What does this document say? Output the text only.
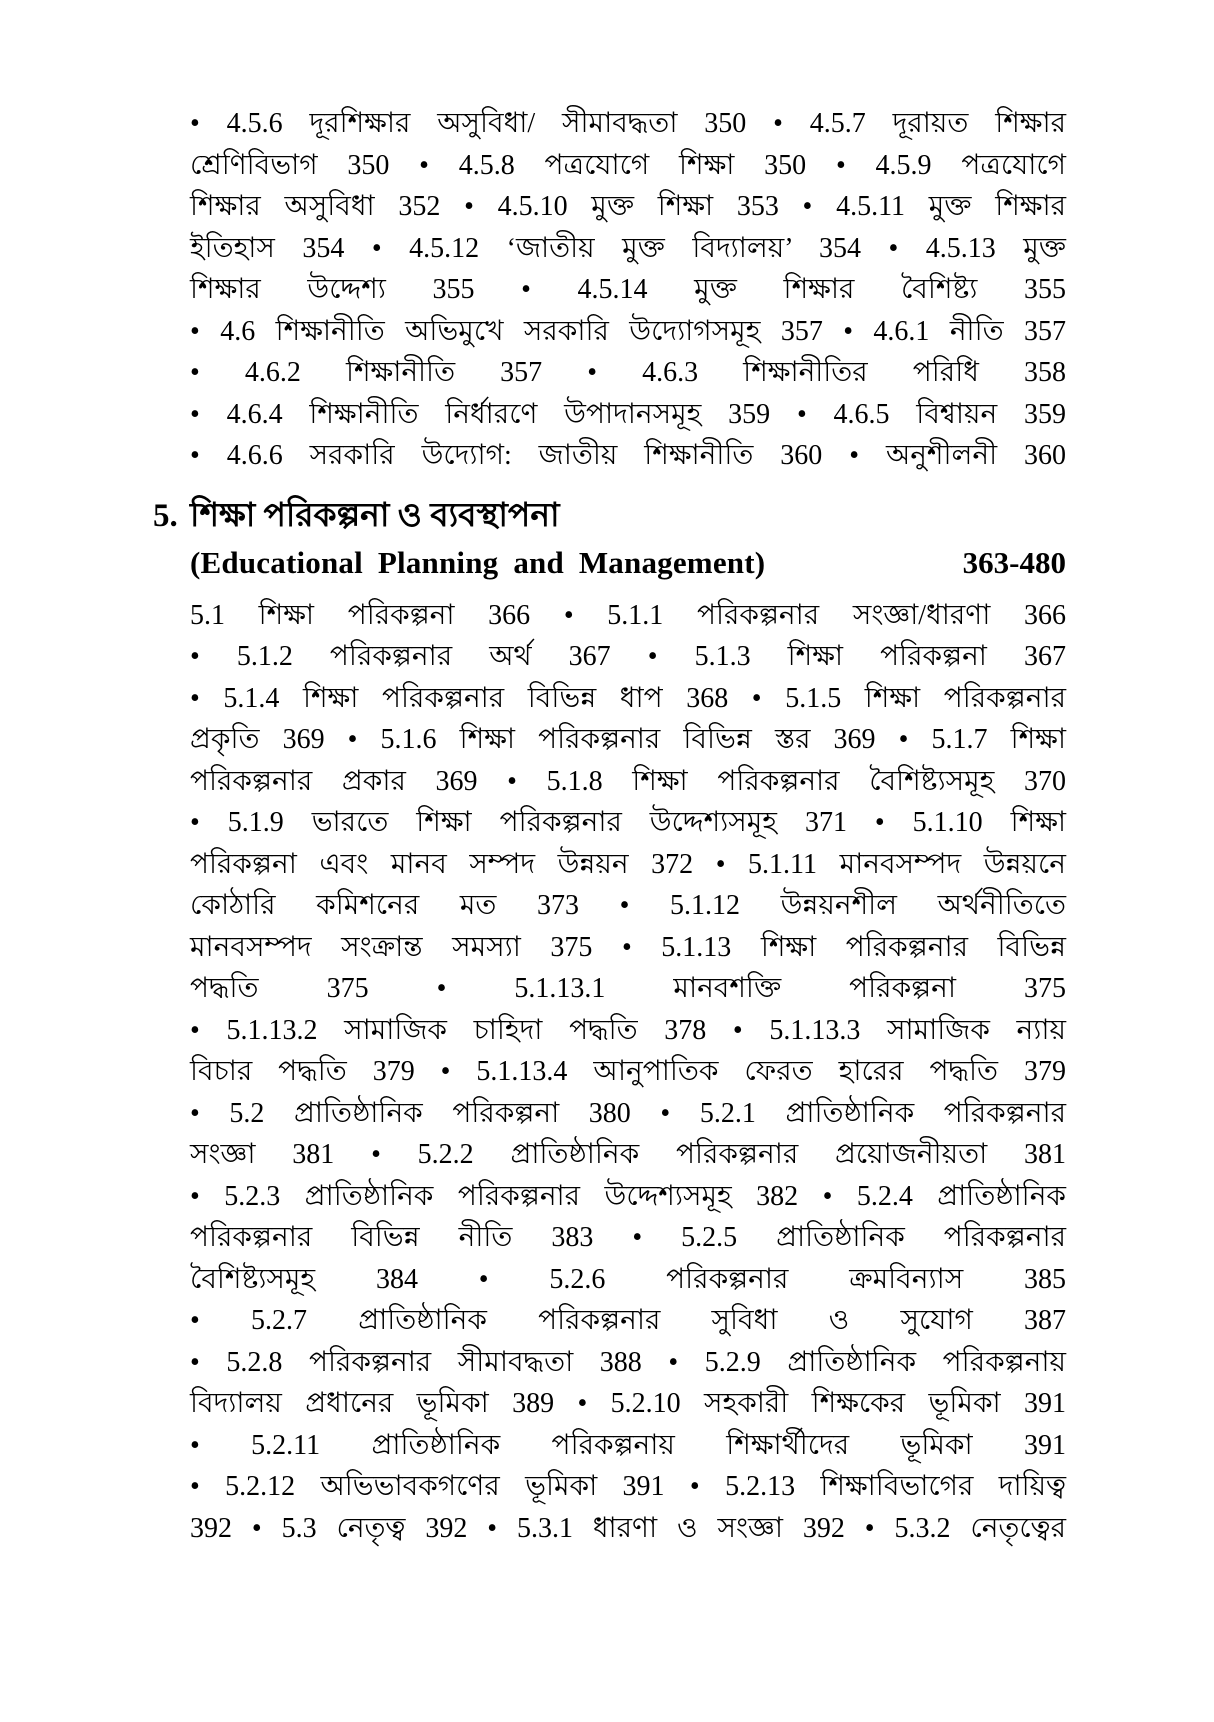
• 4.5.6 দূরশিক্ষার অসুবিধা/ সীমাবদ্ধতা 350 • 4.5.7 দূরায়ত শিক্ষার
শ্রেণিবিভাগ 350 • 4.5.8 পত্রযোগে শিক্ষা 350 • 4.5.9 পত্রযোগে
শিক্ষার অসুবিধা 352 • 4.5.10 মুক্ত শিক্ষা 353 • 4.5.11 মুক্ত শিক্ষার
ইতিহাস 354 • 4.5.12 ‘জাতীয় মুক্ত বিদ্যালয়’ 354 • 4.5.13 মুক্ত
শিক্ষার উদ্দেশ্য 355 • 4.5.14 মুক্ত শিক্ষার বৈশিষ্ট্য 355
• 4.6 শিক্ষানীতি অভিমুখে সরকারি উদ্যোগসমূহ 357 • 4.6.1 নীতি 357
• 4.6.2 শিক্ষানীতি 357 • 4.6.3 শিক্ষানীতির পরিধি 358
• 4.6.4 শিক্ষানীতি নির্ধারণে উপাদানসমূহ 359 • 4.6.5 বিশ্বায়ন 359
• 4.6.6 সরকারি উদ্যোগ: জাতীয় শিক্ষানীতি 360 • অনুশীলনী 360
5. শিক্ষা পরিকল্পনা ও ব্যবস্থাপনা
(Educational Planning and Management)	363-480
5.1 শিক্ষা পরিকল্পনা 366 • 5.1.1 পরিকল্পনার সংজ্ঞা/ধারণা 366
• 5.1.2 পরিকল্পনার অর্থ 367 • 5.1.3 শিক্ষা পরিকল্পনা 367
• 5.1.4 শিক্ষা পরিকল্পনার বিভিন্ন ধাপ 368 • 5.1.5 শিক্ষা পরিকল্পনার
প্রকৃতি 369 • 5.1.6 শিক্ষা পরিকল্পনার বিভিন্ন স্তর 369 • 5.1.7 শিক্ষা
পরিকল্পনার প্রকার 369 • 5.1.8 শিক্ষা পরিকল্পনার বৈশিষ্ট্যসমূহ 370
• 5.1.9 ভারতে শিক্ষা পরিকল্পনার উদ্দেশ্যসমূহ 371 • 5.1.10 শিক্ষা
পরিকল্পনা এবং মানব সম্পদ উন্নয়ন 372 • 5.1.11 মানবসম্পদ উন্নয়নে
কোঠারি কমিশনের মত 373 • 5.1.12 উন্নয়নশীল অর্থনীতিতে
মানবসম্পদ সংক্রান্ত সমস্যা 375 • 5.1.13 শিক্ষা পরিকল্পনার বিভিন্ন
পদ্ধতি 375 • 5.1.13.1 মানবশক্তি পরিকল্পনা 375
• 5.1.13.2 সামাজিক চাহিদা পদ্ধতি 378 • 5.1.13.3 সামাজিক ন্যায়
বিচার পদ্ধতি 379 • 5.1.13.4 আনুপাতিক ফেরত হারের পদ্ধতি 379
• 5.2 প্রাতিষ্ঠানিক পরিকল্পনা 380 • 5.2.1 প্রাতিষ্ঠানিক পরিকল্পনার
সংজ্ঞা 381 • 5.2.2 প্রাতিষ্ঠানিক পরিকল্পনার প্রয়োজনীয়তা 381
• 5.2.3 প্রাতিষ্ঠানিক পরিকল্পনার উদ্দেশ্যসমূহ 382 • 5.2.4 প্রাতিষ্ঠানিক
পরিকল্পনার বিভিন্ন নীতি 383 • 5.2.5 প্রাতিষ্ঠানিক পরিকল্পনার
বৈশিষ্ট্যসমূহ 384 • 5.2.6 পরিকল্পনার ক্রমবিন্যাস 385
• 5.2.7 প্রাতিষ্ঠানিক পরিকল্পনার সুবিধা ও সুযোগ 387
• 5.2.8 পরিকল্পনার সীমাবদ্ধতা 388 • 5.2.9 প্রাতিষ্ঠানিক পরিকল্পনায়
বিদ্যালয় প্রধানের ভূমিকা 389 • 5.2.10 সহকারী শিক্ষকের ভূমিকা 391
• 5.2.11 প্রাতিষ্ঠানিক পরিকল্পনায় শিক্ষার্থীদের ভূমিকা 391
• 5.2.12 অভিভাবকগণের ভূমিকা 391 • 5.2.13 শিক্ষাবিভাগের দায়িত্ব
392 • 5.3 নেতৃত্ব 392 • 5.3.1 ধারণা ও সংজ্ঞা 392 • 5.3.2 নেতৃত্বের
